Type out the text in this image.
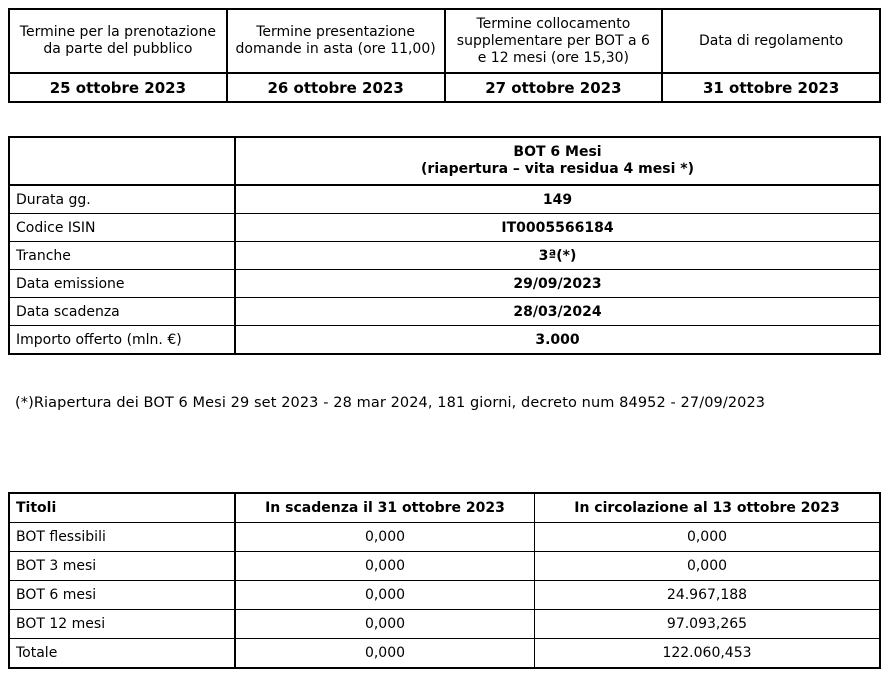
Termine per la prenotazione da parte del pubblico	Termine presentazione domande in asta (ore 11,00)	Termine collocamento supplementare per BOT a 6 e 12 mesi (ore 15,30)	Data di regolamento
25 ottobre 2023	26 ottobre 2023	27 ottobre 2023	31 ottobre 2023

	BOT 6 Mesi
(riapertura – vita residua 4 mesi *)

Durata gg.	149
Codice ISIN	IT0005566184
Tranche	3ª(*)
Data emissione	29/09/2023
Data scadenza	28/03/2024
Importo offerto (mln. €)	3.000
(*)Riapertura dei BOT 6 Mesi 29 set 2023 - 28 mar 2024, 181 giorni, decreto num 84952 - 27/09/2023
Titoli	In scadenza il 31 ottobre 2023	In circolazione al 13 ottobre 2023
BOT flessibili	0,000	0,000
BOT 3 mesi	0,000	0,000
BOT 6 mesi	0,000	24.967,188
BOT 12 mesi	0,000	97.093,265
Totale	0,000	122.060,453
